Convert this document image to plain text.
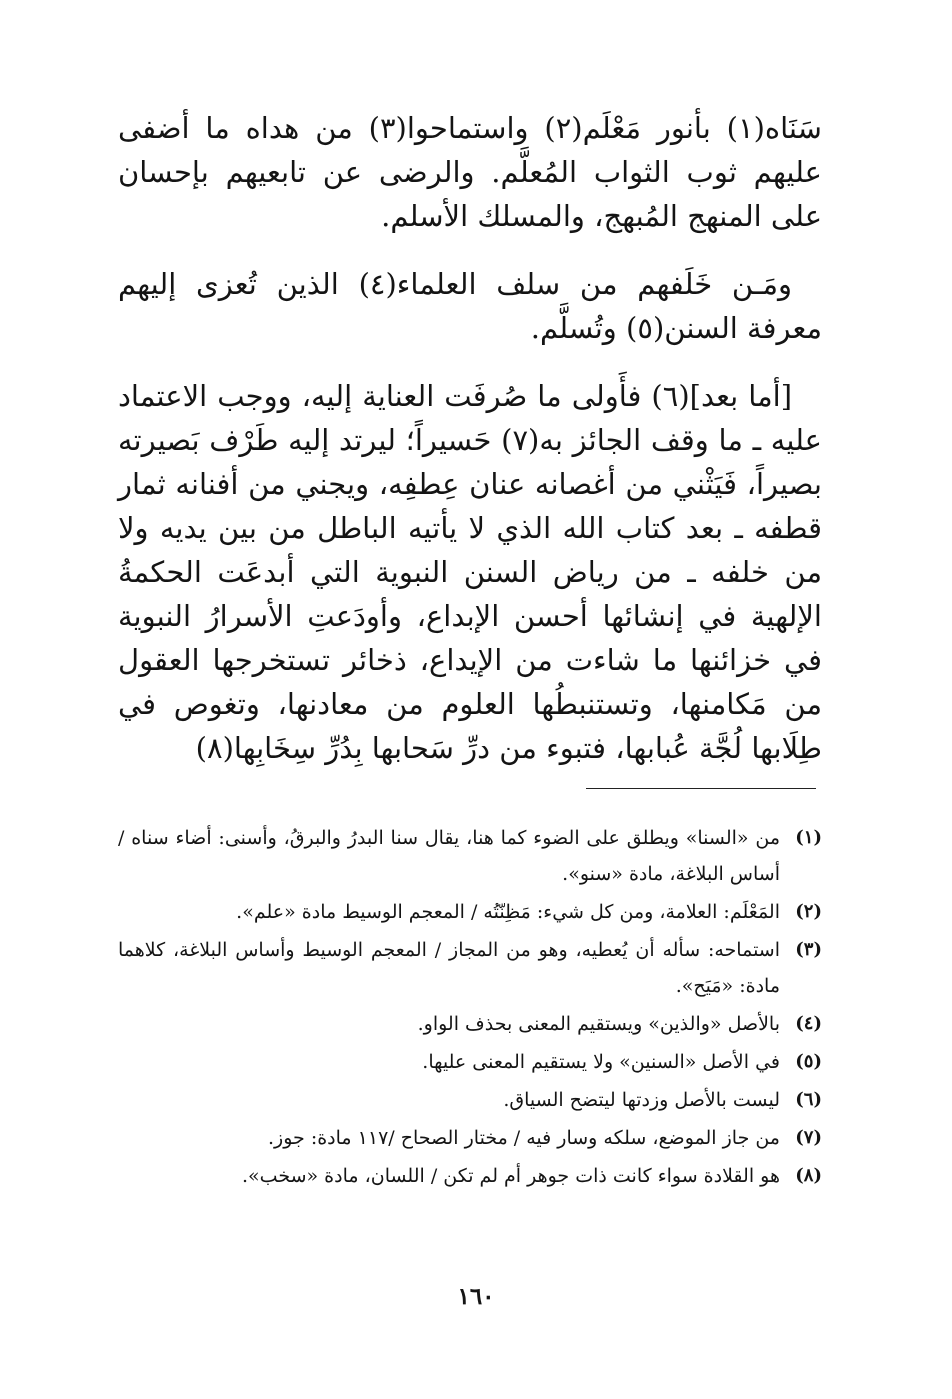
سَنَاه(١) بأنور مَعْلَم(٢) واستماحوا(٣) من هداه ما أضفى عليهم ثوب الثواب المُعلَّم. والرضى عن تابعيهم بإحسان على المنهج المُبهج، والمسلك الأسلم.

ومَـن خَلَفهم من سلف العلماء(٤) الذين تُعزى إليهم معرفة السنن(٥) وتُسلَّم.

[أما بعد](٦) فأَولى ما صُرفَت العناية إليه، ووجب الاعتماد عليه ـ ما وقف الجائز به(٧) حَسيراً؛ ليرتد إليه طَرْف بَصيرته بصيراً، فَيَثْني من أغصانه عنان عِطفِه، ويجني من أفنانه ثمار قطفه ـ بعد كتاب الله الذي لا يأتيه الباطل من بين يديه ولا من خلفه ـ من رياض السنن النبوية التي أبدعَت الحكمةُ الإلهية في إنشائها أحسن الإبداع، وأودَعتِ الأسرارُ النبوية في خزائنها ما شاءت من الإيداع، ذخائر تستخرجها العقول من مَكامنها، وتستنبطُها العلوم من معادنها، وتغوص في طِلَابها لُجَّة عُبابها، فتبوء من درِّ سَحابها بِدُرِّ سِخَابِها(٨)

(١)
من «السنا» ويطلق على الضوء كما هنا، يقال سنا البدرُ والبرقُ، وأسنى: أضاء سناه / أساس البلاغة، مادة «سنو».
(٢)
المَعْلَم: العلامة، ومن كل شيء: مَظِنّتُه / المعجم الوسيط مادة «علم».
(٣)
استماحه: سأله أن يُعطيه، وهو من المجاز / المعجم الوسيط وأساس البلاغة، كلاهما مادة: «مَيَح».
(٤)
بالأصل «والذين» ويستقيم المعنى بحذف الواو.
(٥)
في الأصل «السنين» ولا يستقيم المعنى عليها.
(٦)
ليست بالأصل وزدتها ليتضح السياق.
(٧)
من جاز الموضع، سلكه وسار فيه / مختار الصحاح /١١٧ مادة: جوز.
(٨)
هو القلادة سواء كانت ذات جوهر أم لم تكن / اللسان، مادة «سخب».
١٦٠
